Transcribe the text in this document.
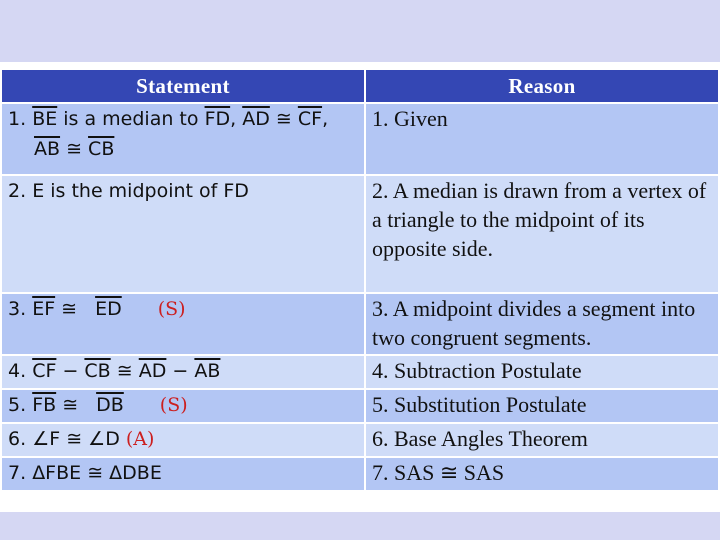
Statement	Reason
1. $\overline{BE}$ is a median to $\overline{FD}$, $\overline{AD}$ ≅ $\overline{CF}$,
$\overline{AB}$ ≅ $\overline{CB}$	1. Given
2. E is the midpoint of FD	2. A median is drawn from a vertex of a triangle to the midpoint of its opposite side.
3. $\overline{EF}$ ≅ $\overline{ED}$ (S)	3. A midpoint divides a segment into two congruent segments.
4. $\overline{CF} - \overline{CB}$ ≅ $\overline{AD} - \overline{AB}$	4. Subtraction Postulate
5. $\overline{FB}$ ≅ $\overline{DB}$ (S)	5. Substitution Postulate
6. ∠F ≅ ∠D (A)	6. Base Angles Theorem
7. ΔFBE ≅ ΔDBE	7. SAS ≅ SAS
